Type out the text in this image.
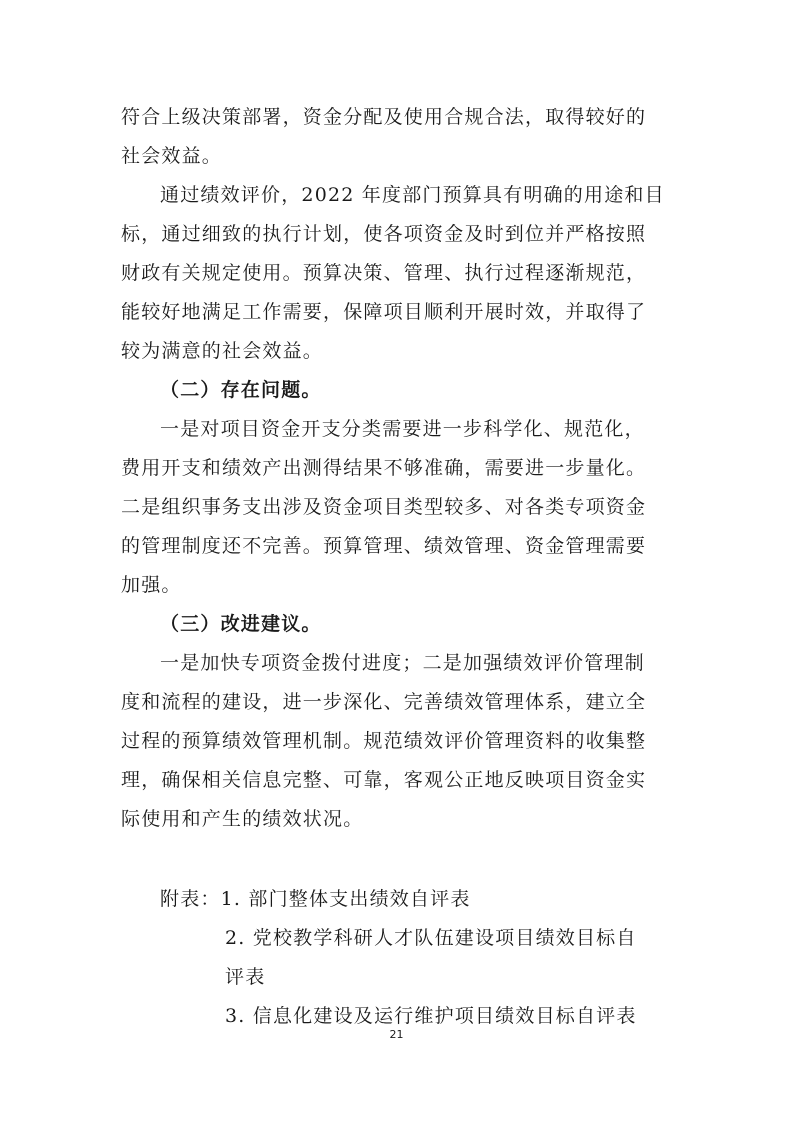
符合上级决策部署，资金分配及使用合规合法，取得较好的
社会效益。
通过绩效评价，2022 年度部门预算具有明确的用途和目
标，通过细致的执行计划，使各项资金及时到位并严格按照
财政有关规定使用。预算决策、管理、执行过程逐渐规范，
能较好地满足工作需要，保障项目顺利开展时效，并取得了
较为满意的社会效益。
（二）存在问题。
一是对项目资金开支分类需要进一步科学化、规范化，
费用开支和绩效产出测得结果不够准确，需要进一步量化。
二是组织事务支出涉及资金项目类型较多、对各类专项资金
的管理制度还不完善。预算管理、绩效管理、资金管理需要
加强。
（三）改进建议。
一是加快专项资金拨付进度；二是加强绩效评价管理制
度和流程的建设，进一步深化、完善绩效管理体系，建立全
过程的预算绩效管理机制。规范绩效评价管理资料的收集整
理，确保相关信息完整、可靠，客观公正地反映项目资金实
际使用和产生的绩效状况。
附表：1. 部门整体支出绩效自评表
2. 党校教学科研人才队伍建设项目绩效目标自
评表
3. 信息化建设及运行维护项目绩效目标自评表
21
